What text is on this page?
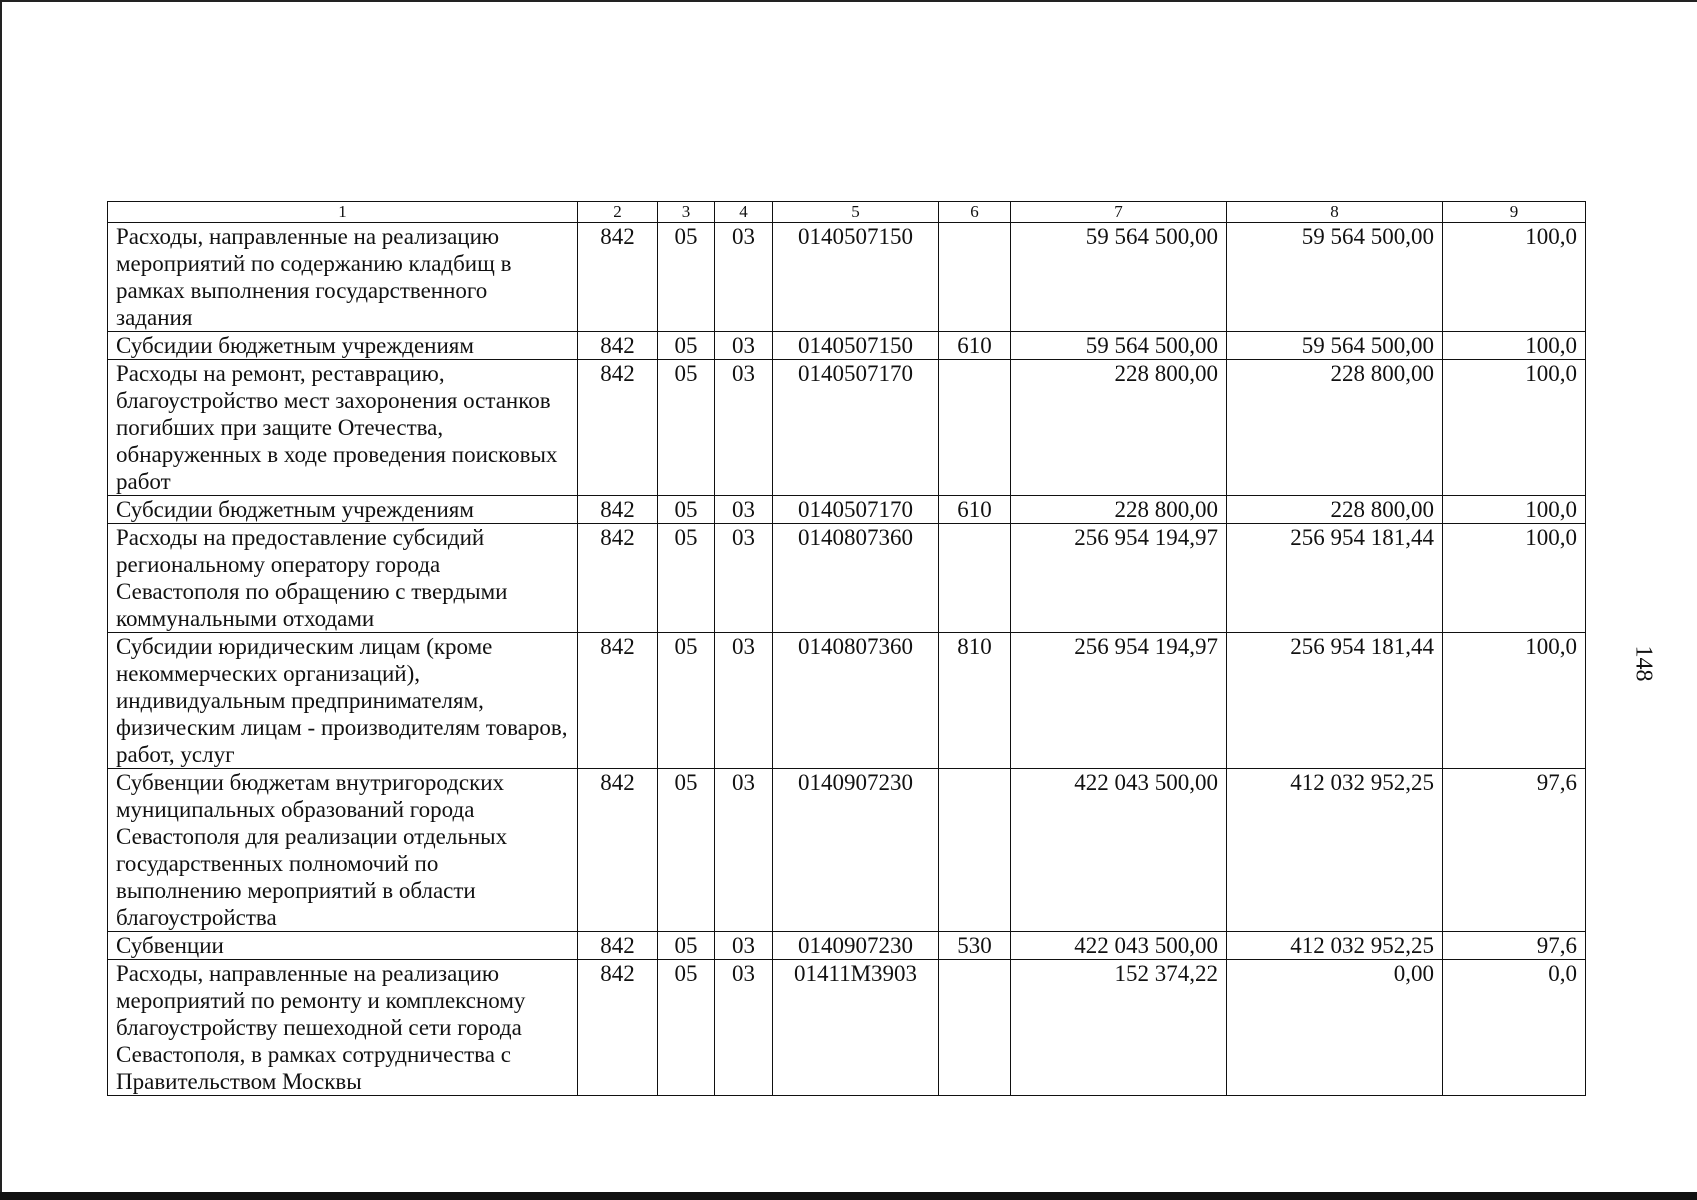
1	2	3	4	5	6	7	8	9
Расходы, направленные на реализацию мероприятий по содержанию кладбищ в рамках выполнения государственного задания	842	05	03	0140507150		59 564 500,00	59 564 500,00	100,0
Субсидии бюджетным учреждениям	842	05	03	0140507150	610	59 564 500,00	59 564 500,00	100,0
Расходы на ремонт, реставрацию, благоустройство мест захоронения останков погибших при защите Отечества, обнаруженных в ходе проведения поисковых работ	842	05	03	0140507170		228 800,00	228 800,00	100,0
Субсидии бюджетным учреждениям	842	05	03	0140507170	610	228 800,00	228 800,00	100,0
Расходы на предоставление субсидий региональному оператору города Севастополя по обращению с твердыми коммунальными отходами	842	05	03	0140807360		256 954 194,97	256 954 181,44	100,0
Субсидии юридическим лицам (кроме некоммерческих организаций), индивидуальным предпринимателям, физическим лицам - производителям товаров, работ, услуг	842	05	03	0140807360	810	256 954 194,97	256 954 181,44	100,0
Субвенции бюджетам внутригородских муниципальных образований города Севастополя для реализации отдельных государственных полномочий по выполнению мероприятий в области благоустройства	842	05	03	0140907230		422 043 500,00	412 032 952,25	97,6
Субвенции	842	05	03	0140907230	530	422 043 500,00	412 032 952,25	97,6
Расходы, направленные на реализацию мероприятий по ремонту и комплексному благоустройству пешеходной сети города Севастополя, в рамках сотрудничества с Правительством Москвы	842	05	03	01411M3903		152 374,22	0,00	0,0
148
